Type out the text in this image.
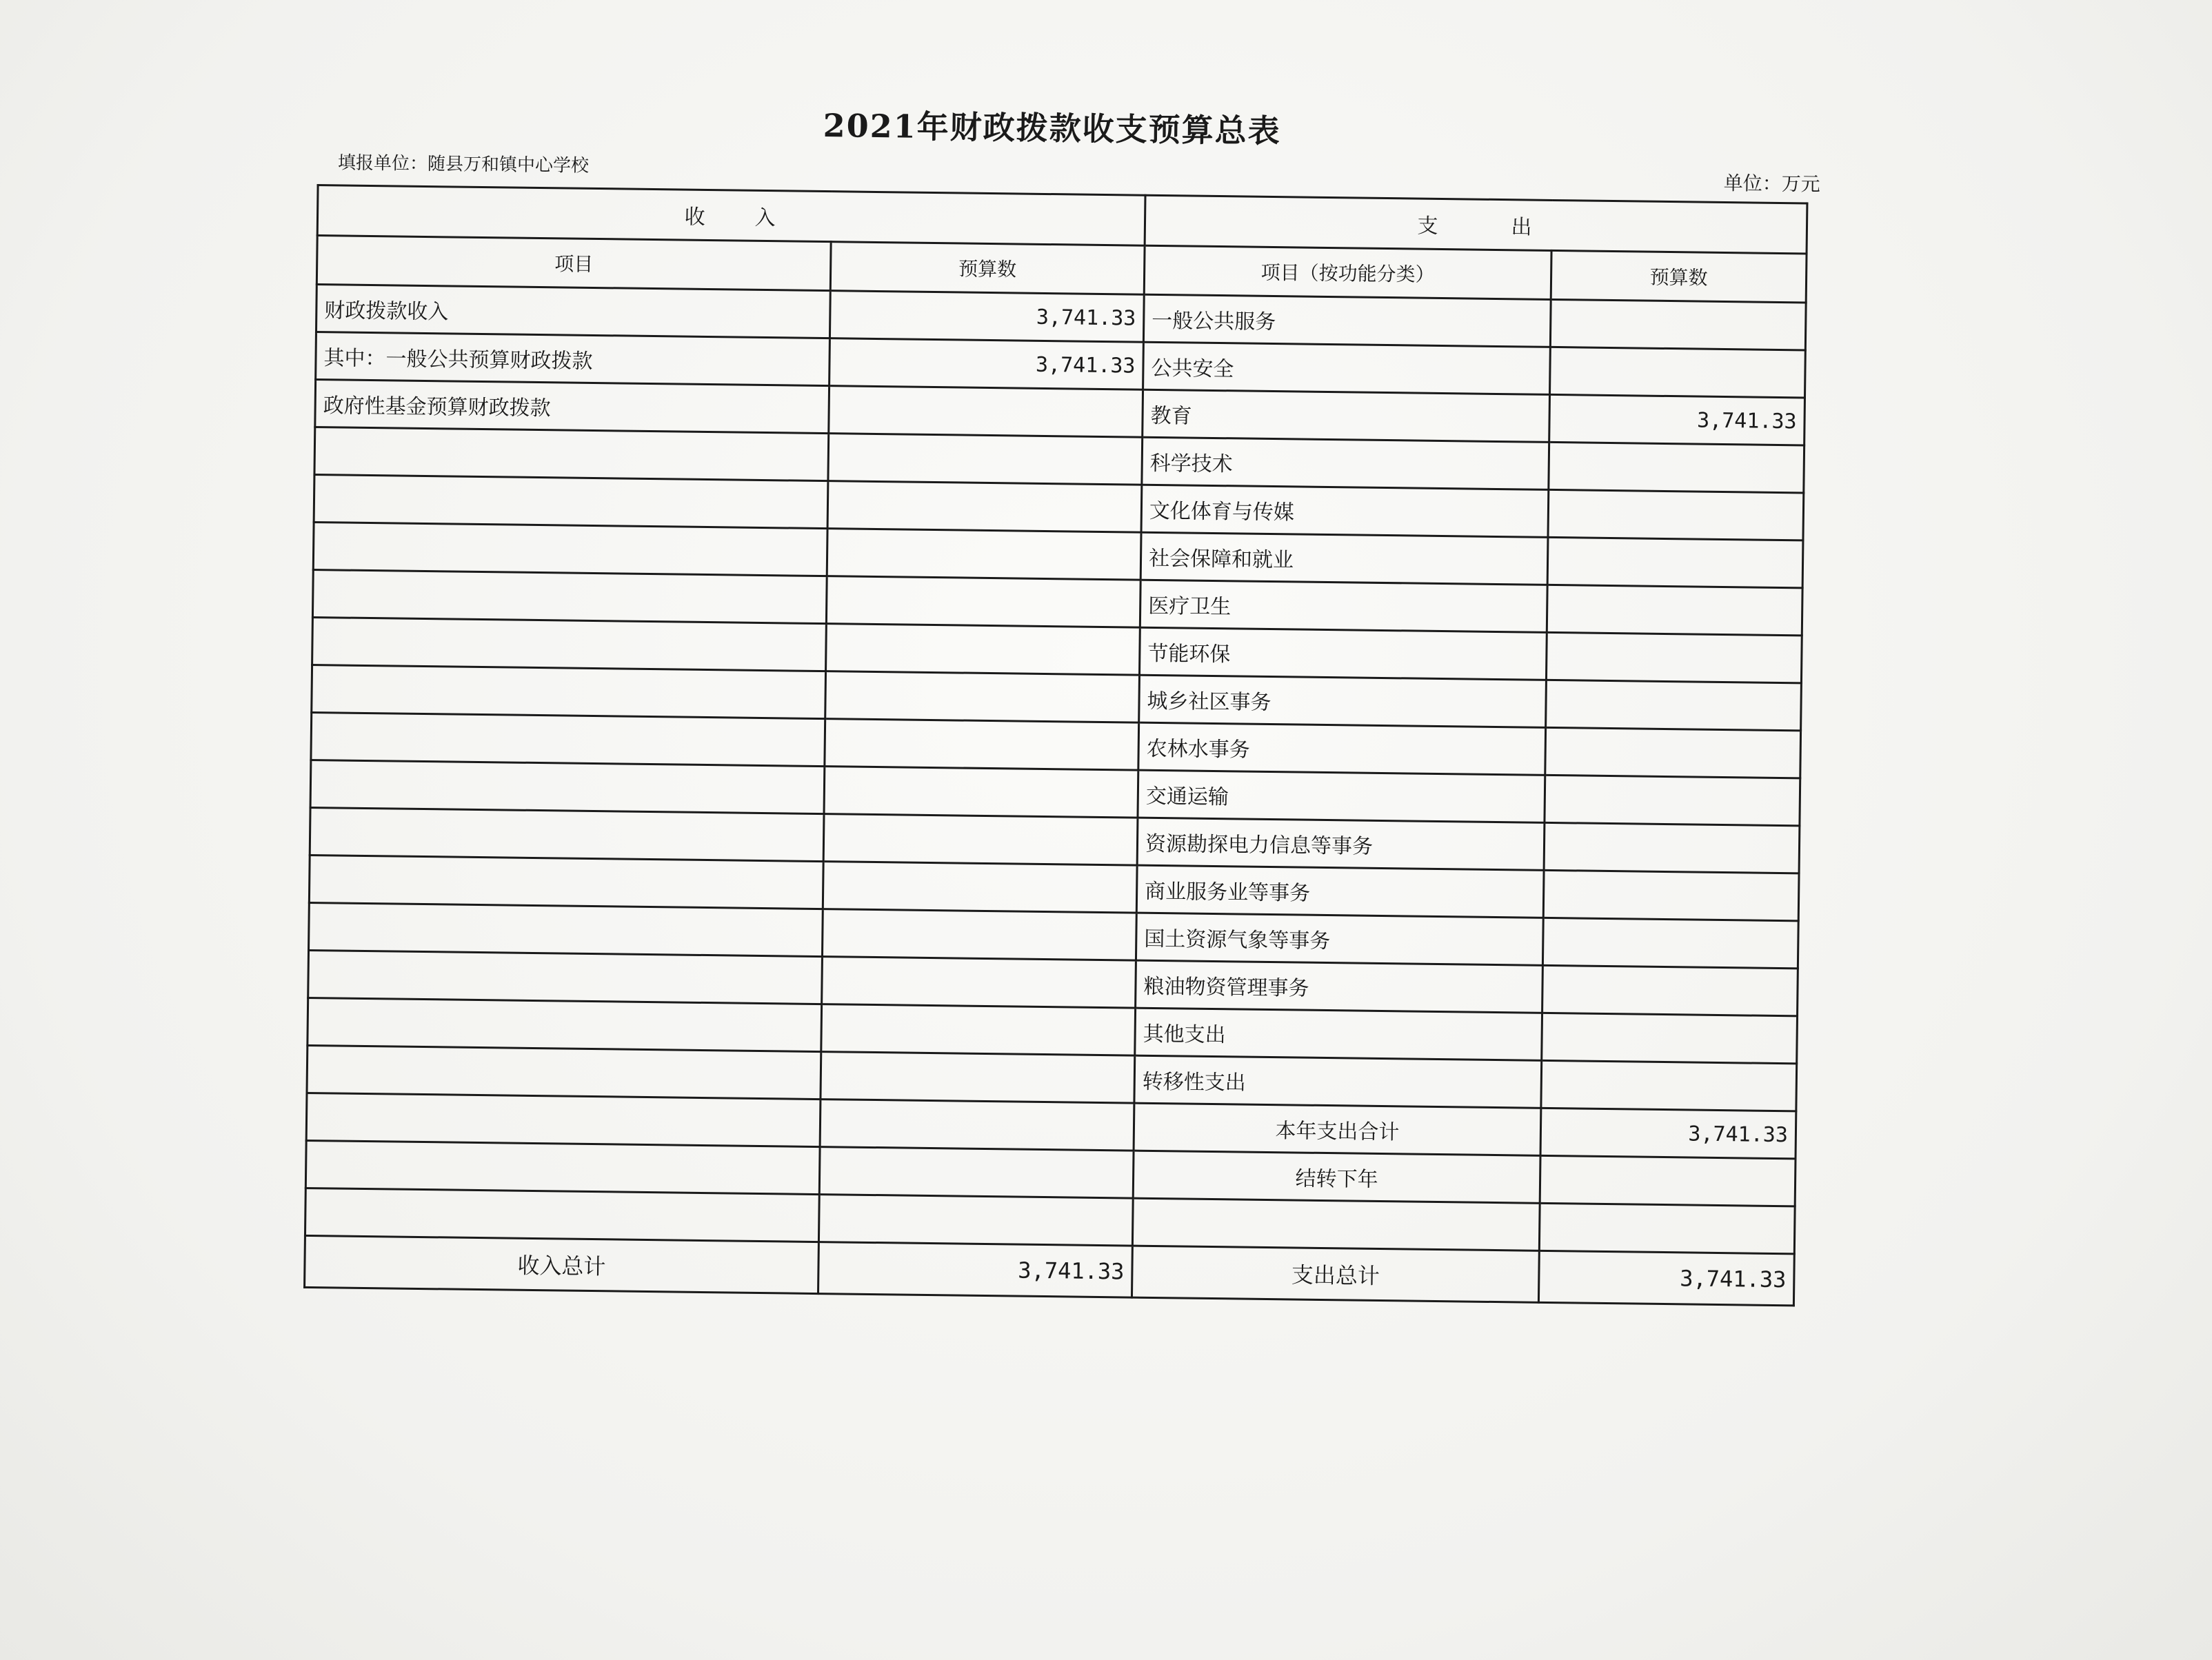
2021年财政拨款收支预算总表
填报单位：随县万和镇中心学校
单位：万元
收　　入		支　　　出	
项目	预算数	项目（按功能分类）	预算数
财政拨款收入	3,741.33	一般公共服务	
其中：一般公共预算财政拨款	3,741.33	公共安全	
政府性基金预算财政拨款		教育	3,741.33
		科学技术	
		文化体育与传媒	
		社会保障和就业	
		医疗卫生	
		节能环保	
		城乡社区事务	
		农林水事务	
		交通运输	
		资源勘探电力信息等事务	
		商业服务业等事务	
		国土资源气象等事务	
		粮油物资管理事务	
		其他支出	
		转移性支出	
		本年支出合计	3,741.33
		结转下年	

收入总计	3,741.33	支出总计	3,741.33
